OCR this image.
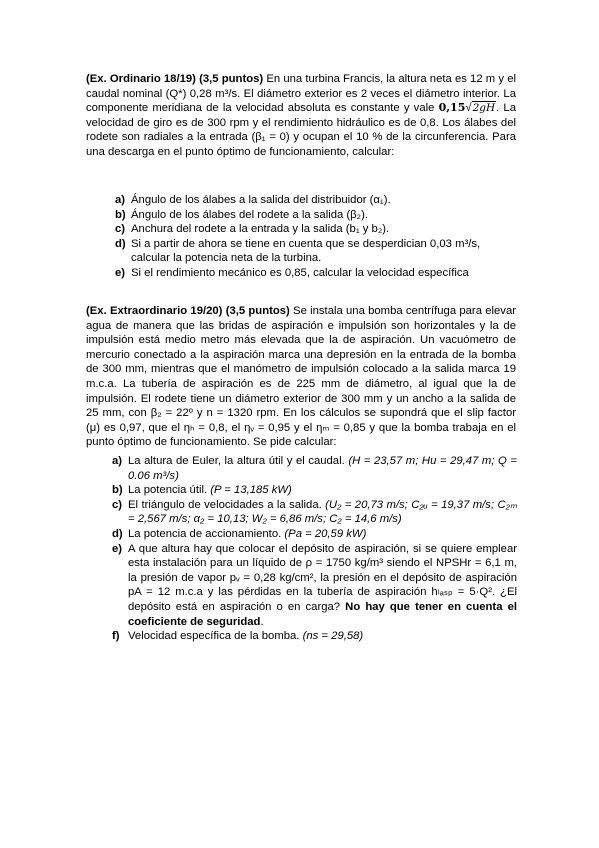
(Ex. Ordinario 18/19) (3,5 puntos) En una turbina Francis, la altura neta es 12 m y el caudal nominal (Q*) 0,28 m³/s. El diámetro exterior es 2 veces el diámetro interior. La componente meridiana de la velocidad absoluta es constante y vale 0,15√2gH. La velocidad de giro es de 300 rpm y el rendimiento hidráulico es de 0,8. Los álabes del rodete son radiales a la entrada (β₁ = 0) y ocupan el 10 % de la circunferencia. Para una descarga en el punto óptimo de funcionamiento, calcular:

a) Ángulo de los álabes a la salida del distribuidor (α₁).
b) Ángulo de los álabes del rodete a la salida (β₂).
c) Anchura del rodete a la entrada y la salida (b₁ y b₂).
d) Si a partir de ahora se tiene en cuenta que se desperdician 0,03 m³/s, calcular la potencia neta de la turbina.
e) Si el rendimiento mecánico es 0,85, calcular la velocidad específica

(Ex. Extraordinario 19/20) (3,5 puntos) Se instala una bomba centrífuga para elevar agua de manera que las bridas de aspiración e impulsión son horizontales y la de impulsión está medio metro más elevada que la de aspiración. Un vacuómetro de mercurio conectado a la aspiración marca una depresión en la entrada de la bomba de 300 mm, mientras que el manómetro de impulsión colocado a la salida marca 19 m.c.a. La tubería de aspiración es de 225 mm de diámetro, al igual que la de impulsión. El rodete tiene un diámetro exterior de 300 mm y un ancho a la salida de 25 mm, con β₂ = 22º y n = 1320 rpm. En los cálculos se supondrá que el slip factor (μ) es 0,97, que el ηₕ = 0,8, el ηᵥ = 0,95 y el ηₘ = 0,85 y que la bomba trabaja en el punto óptimo de funcionamiento. Se pide calcular:

a) La altura de Euler, la altura útil y el caudal. (H = 23,57 m; Hu = 29,47 m; Q = 0.06 m³/s)
b) La potencia útil. (P = 13,185 kW)
c) El triángulo de velocidades a la salida. (U₂ = 20,73 m/s; C₂ᵤ = 19,37 m/s; C₂ₘ = 2,567 m/s; α₂ = 10,13; W₂ = 6,86 m/s; C₂ = 14,6 m/s)
d) La potencia de accionamiento. (Pa = 20,59 kW)
e) A que altura hay que colocar el depósito de aspiración, si se quiere emplear esta instalación para un líquido de ρ = 1750 kg/m³ siendo el NPSHr = 6,1 m, la presión de vapor pᵥ = 0,28 kg/cm², la presión en el depósito de aspiración pA = 12 m.c.a y las pérdidas en la tubería de aspiración hₗₐₛₚ = 5·Q². ¿El depósito está en aspiración o en carga? No hay que tener en cuenta el coeficiente de seguridad.
f) Velocidad específica de la bomba. (ns = 29,58)
